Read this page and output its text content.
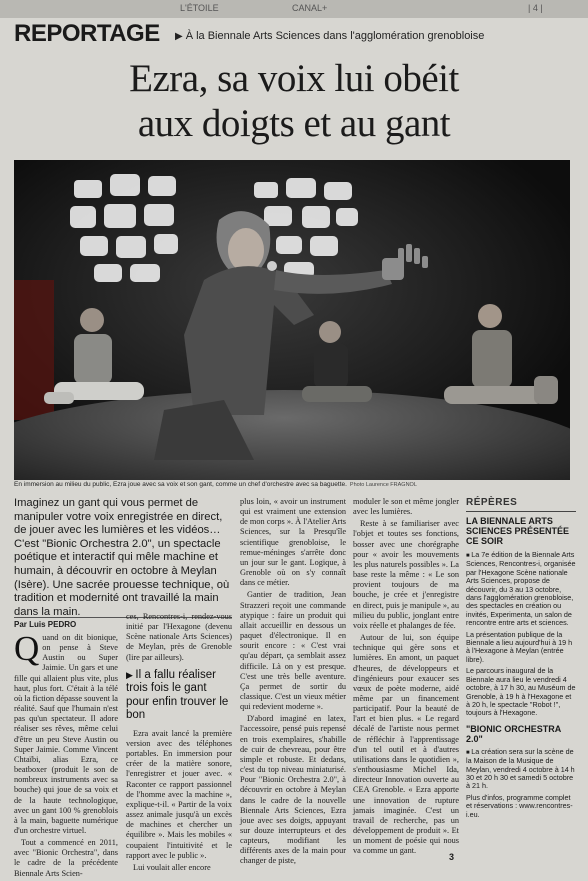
L'ÉTOILE	CANAL+	| 4 |
REPORTAGE ▶ À la Biennale Arts Sciences dans l'agglomération grenobloise
Ezra, sa voix lui obéit
aux doigts et au gant
En immersion au milieu du public, Ezra joue avec sa voix et son gant, comme un chef d'orchestre avec sa baguette. Photo Laurence FRAGNOL

Imaginez un gant qui vous permet de manipuler votre voix enregistrée en direct, de jouer avec les lumières et les vidéos…

C'est "Bionic Orchestra 2.0", un spectacle poétique et interactif qui mêle machine et humain, à découvrir en octobre à Meylan (Isère). Une sacrée prouesse technique, où tradition et modernité ont travaillé la main dans la main.

Par Luis PEDRO

Quand on dit bionique, on pense à Steve Austin ou Super Jaimie. Un gars et une fille qui allaient plus vite, plus haut, plus fort. C'était à la télé où la fiction dépasse souvent la réalité. Sauf que l'humain n'est pas qu'un spectateur. Il adore réaliser ses rêves, même celui d'être un peu Steve Austin ou Super Jaimie. Comme Vincent Chtaïbi, alias Ezra, ce beatboxer (produit le son de nombreux instruments avec sa bouche) qui joue de sa voix et de la haute technologique, avec un gant 100 % grenoblois à la main, baguette numérique d'un orchestre virtuel.

Tout a commencé en 2011, avec "Bionic Orchestra", dans le cadre de la précédente Biennale Arts Scien-

ces, Rencontres-i, rendez-vous initié par l'Hexagone (devenu Scène nationale Arts Sciences) de Meylan, près de Grenoble (lire par ailleurs).

▶ Il a fallu réaliser trois fois le gant pour enfin trouver le bon

Ezra avait lancé la première version avec des téléphones portables. En immersion pour créer de la matière sonore, l'enregistrer et jouer avec. « Raconter ce rapport passionnel de l'homme avec la machine », explique-t-il. « Partir de la voix assez animale jusqu'à un excès de machines et chercher un équilibre ». Mais les mobiles « coupaient l'intuitivité et le rapport avec le public ».

Lui voulait aller encore

plus loin, « avoir un instrument qui est vraiment une extension de mon corps ». À l'Atelier Arts Sciences, sur la Presqu'île scientifique grenobloise, le remue-méninges s'arrête donc un jour sur le gant. Logique, à Grenoble où on s'y connaît dans ce métier.

Gantier de tradition, Jean Strazzeri reçoit une commande atypique : faire un produit qui allait accueillir en dessous un paquet d'électronique. Il en sourit encore : « C'est vrai qu'au départ, ça semblait assez difficile. Là on y est presque. C'est une très belle aventure. Ça permet de sortir du classique. C'est un vieux métier qui redevient moderne ».

D'abord imaginé en latex, l'accessoire, pensé puis repensé en trois exemplaires, s'habille de cuir de chevreau, pour être simple et robuste. Et dedans, c'est du top niveau miniaturisé. Pour "Bionic Orchestra 2.0", à découvrir en octobre à Meylan dans le cadre de la nouvelle Biennale Arts Sciences, Ezra joue avec ses doigts, appuyant sur douze interrupteurs et des capteurs, modifiant les différents axes de la main pour changer de piste,

moduler le son et même jongler avec les lumières.

Reste à se familiariser avec l'objet et toutes ses fonctions, bosser avec une chorégraphe pour « avoir les mouvements les plus naturels possibles ». La base reste la même : « Le son provient toujours de ma bouche, je crée et j'enregistre en direct, puis je manipule », au milieu du public, jonglant entre voix réelle et phalanges de fée.

Autour de lui, son équipe technique qui gère sons et lumières. En amont, un paquet d'heures, de développeurs et d'ingénieurs pour exaucer ses vœux de poète moderne, aidé même par un financement participatif. Pour la beauté de l'art et bien plus. « Le regard décalé de l'artiste nous permet de réfléchir à l'apprentissage d'un tel outil et à d'autres utilisations dans le quotidien », s'enthousiasme Michel Ida, directeur Innovation ouverte au CEA Grenoble. « Ezra apporte une innovation de rupture jamais imaginée. C'est un travail de recherche, pas un développement de produit ». Et un moment de poésie qui nous va comme un gant.

RÉPÈRES
LA BIENNALE ARTS SCIENCES PRÉSENTÉE CE SOIR
■ La 7e édition de la Biennale Arts Sciences, Rencontres-i, organisée par l'Hexagone Scène nationale Arts Sciences, propose de découvrir, du 3 au 13 octobre, dans l'agglomération grenobloise, des spectacles en création ou invités, Experimenta, un salon de rencontre entre arts et sciences.
La présentation publique de la Biennale a lieu aujourd'hui à 19 h à l'Hexagone à Meylan (entrée libre).
Le parcours inaugural de la Biennale aura lieu le vendredi 4 octobre, à 17 h 30, au Muséum de Grenoble, à 19 h à l'Hexagone et à 20 h, le spectacle "Robot !", toujours à l'Hexagone.
"BIONIC ORCHESTRA 2.0"
■ La création sera sur la scène de la Maison de la Musique de Meylan, vendredi 4 octobre à 14 h 30 et 20 h 30 et samedi 5 octobre à 21 h.
Plus d'infos, programme complet et réservations : www.rencontres-i.eu.
3
